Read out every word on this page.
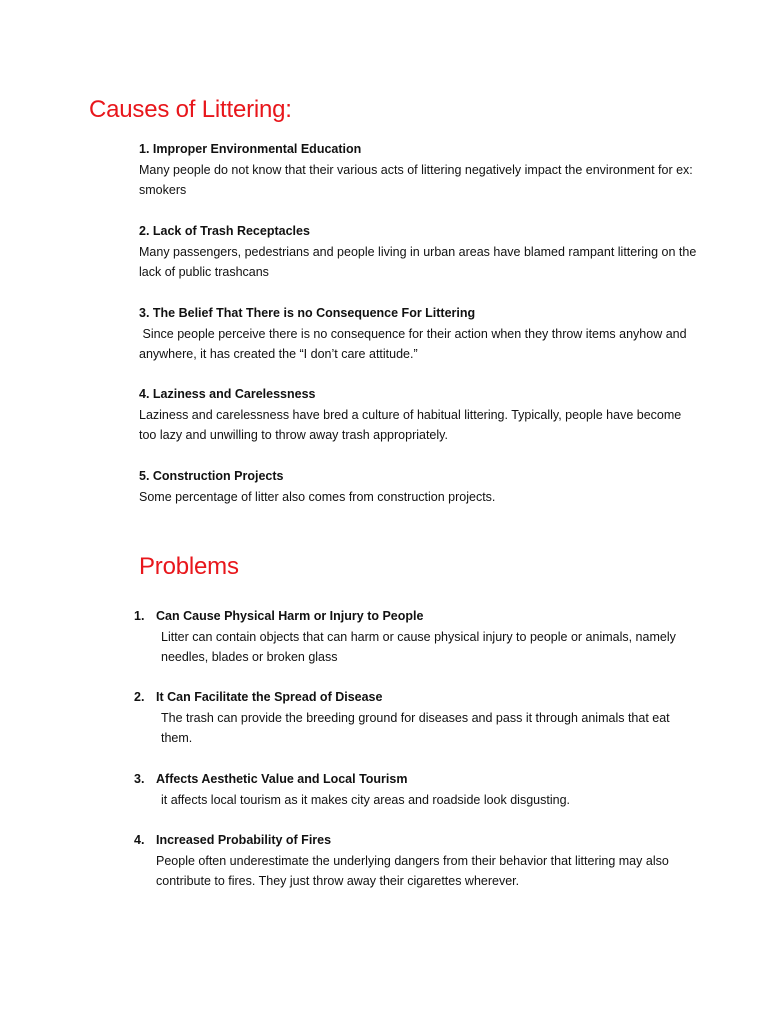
Causes of Littering:
1. Improper Environmental Education
Many people do not know that their various acts of littering negatively impact the environment for ex: smokers
2. Lack of Trash Receptacles
Many passengers, pedestrians and people living in urban areas have blamed rampant littering on the lack of public trashcans
3. The Belief That There is no Consequence For Littering
Since people perceive there is no consequence for their action when they throw items anyhow and anywhere, it has created the “I don’t care attitude.”
4. Laziness and Carelessness
Laziness and carelessness have bred a culture of habitual littering. Typically, people have become too lazy and unwilling to throw away trash appropriately.
5. Construction Projects
Some percentage of litter also comes from construction projects.
Problems
1. Can Cause Physical Harm or Injury to People
Litter can contain objects that can harm or cause physical injury to people or animals, namely needles, blades or broken glass
2. It Can Facilitate the Spread of Disease
The trash can provide the breeding ground for diseases and pass it through animals that eat them.
3. Affects Aesthetic Value and Local Tourism
it affects local tourism as it makes city areas and roadside look disgusting.
4. Increased Probability of Fires
People often underestimate the underlying dangers from their behavior that littering may also contribute to fires. They just throw away their cigarettes wherever.
